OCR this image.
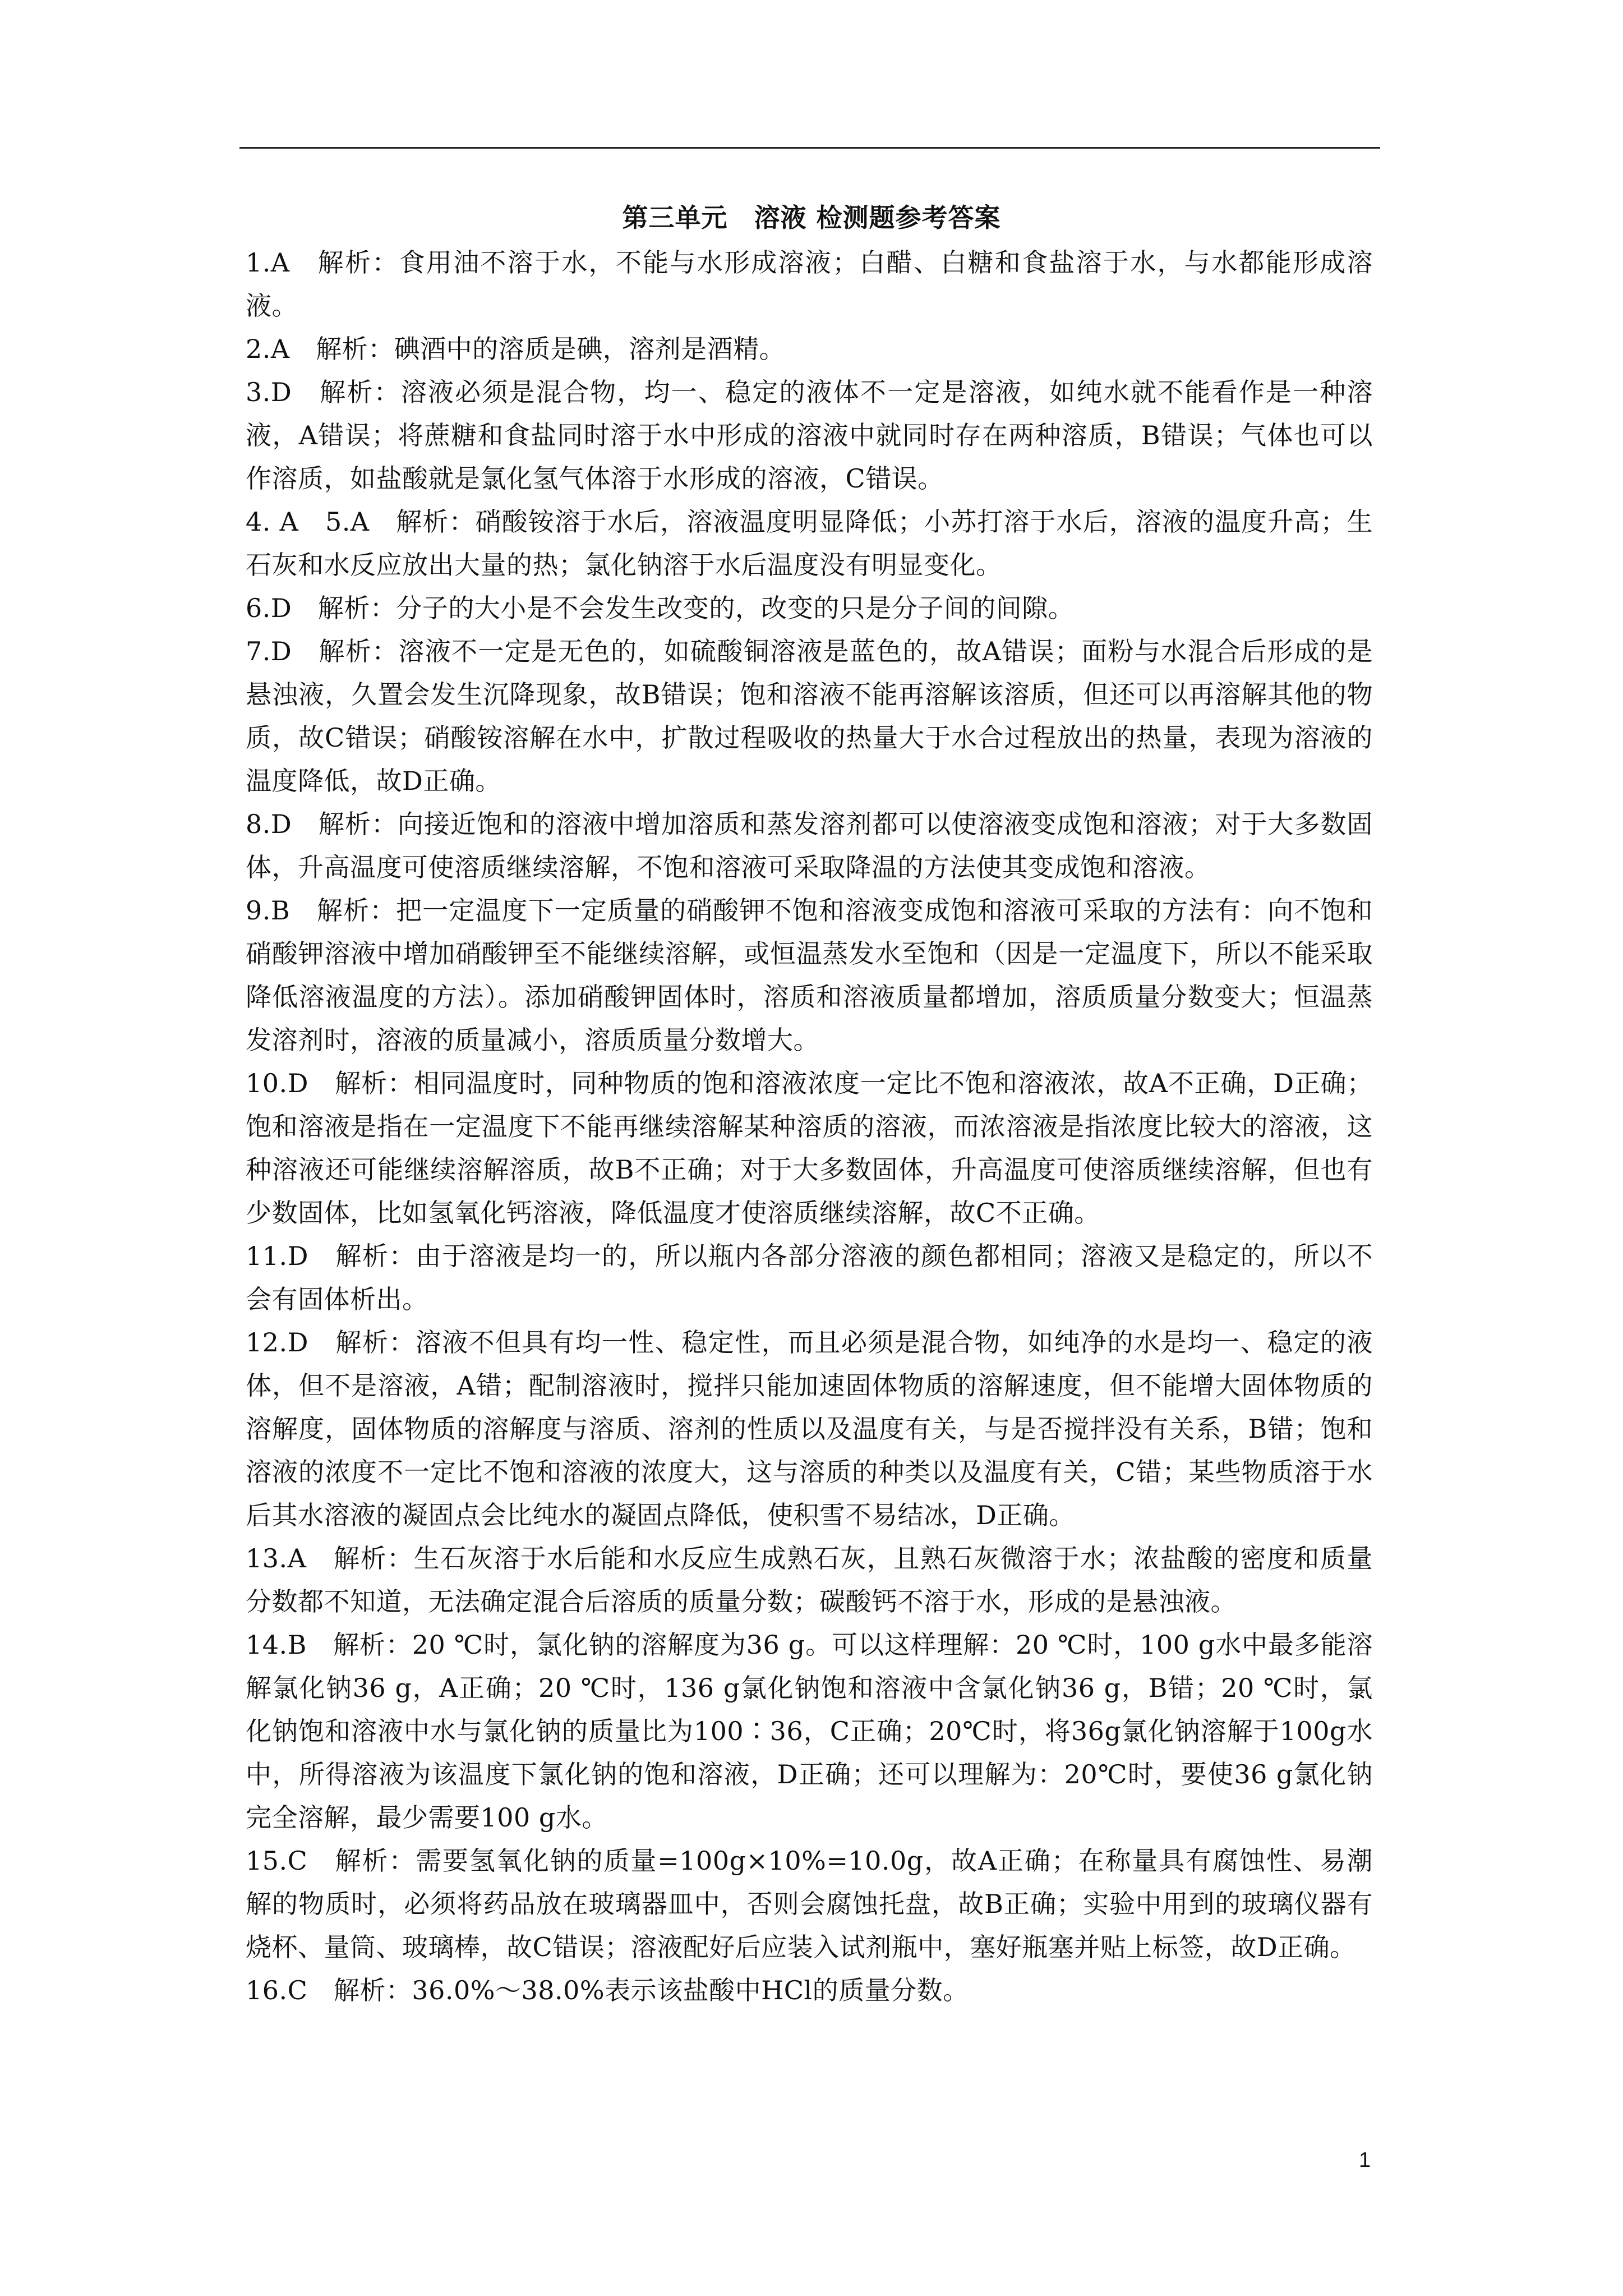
第三单元　溶液 检测题参考答案

1.A　解析：食用油不溶于水，不能与水形成溶液；白醋、白糖和食盐溶于水，与水都能形成溶液。

2.A　解析：碘酒中的溶质是碘，溶剂是酒精。

3.D　解析：溶液必须是混合物，均一、稳定的液体不一定是溶液，如纯水就不能看作是一种溶液，A错误；将蔗糖和食盐同时溶于水中形成的溶液中就同时存在两种溶质，B错误；气体也可以作溶质，如盐酸就是氯化氢气体溶于水形成的溶液，C错误。

4. A　5.A　解析：硝酸铵溶于水后，溶液温度明显降低；小苏打溶于水后，溶液的温度升高；生石灰和水反应放出大量的热；氯化钠溶于水后温度没有明显变化。

6.D　解析：分子的大小是不会发生改变的，改变的只是分子间的间隙。

7.D　解析：溶液不一定是无色的，如硫酸铜溶液是蓝色的，故A错误；面粉与水混合后形成的是悬浊液，久置会发生沉降现象，故B错误；饱和溶液不能再溶解该溶质，但还可以再溶解其他的物质，故C错误；硝酸铵溶解在水中，扩散过程吸收的热量大于水合过程放出的热量，表现为溶液的温度降低，故D正确。

8.D　解析：向接近饱和的溶液中增加溶质和蒸发溶剂都可以使溶液变成饱和溶液；对于大多数固体，升高温度可使溶质继续溶解，不饱和溶液可采取降温的方法使其变成饱和溶液。

9.B　解析：把一定温度下一定质量的硝酸钾不饱和溶液变成饱和溶液可采取的方法有：向不饱和硝酸钾溶液中增加硝酸钾至不能继续溶解，或恒温蒸发水至饱和（因是一定温度下，所以不能采取降低溶液温度的方法）。添加硝酸钾固体时，溶质和溶液质量都增加，溶质质量分数变大；恒温蒸发溶剂时，溶液的质量减小，溶质质量分数增大。

10.D　解析：相同温度时，同种物质的饱和溶液浓度一定比不饱和溶液浓，故A不正确，D正确；饱和溶液是指在一定温度下不能再继续溶解某种溶质的溶液，而浓溶液是指浓度比较大的溶液，这种溶液还可能继续溶解溶质，故B不正确；对于大多数固体，升高温度可使溶质继续溶解，但也有少数固体，比如氢氧化钙溶液，降低温度才使溶质继续溶解，故C不正确。

11.D　解析：由于溶液是均一的，所以瓶内各部分溶液的颜色都相同；溶液又是稳定的，所以不会有固体析出。

12.D　解析：溶液不但具有均一性、稳定性，而且必须是混合物，如纯净的水是均一、稳定的液体，但不是溶液，A错；配制溶液时，搅拌只能加速固体物质的溶解速度，但不能增大固体物质的溶解度，固体物质的溶解度与溶质、溶剂的性质以及温度有关，与是否搅拌没有关系，B错；饱和溶液的浓度不一定比不饱和溶液的浓度大，这与溶质的种类以及温度有关，C错；某些物质溶于水后其水溶液的凝固点会比纯水的凝固点降低，使积雪不易结冰，D正确。

13.A　解析：生石灰溶于水后能和水反应生成熟石灰，且熟石灰微溶于水；浓盐酸的密度和质量分数都不知道，无法确定混合后溶质的质量分数；碳酸钙不溶于水，形成的是悬浊液。

14.B　解析：20 ℃时，氯化钠的溶解度为36 g。可以这样理解：20 ℃时，100 g水中最多能溶解氯化钠36 g，A正确；20 ℃时，136 g氯化钠饱和溶液中含氯化钠36 g，B错；20 ℃时，氯化钠饱和溶液中水与氯化钠的质量比为100∶36，C正确；20℃时，将36g氯化钠溶解于100g水中，所得溶液为该温度下氯化钠的饱和溶液，D正确；还可以理解为：20℃时，要使36 g氯化钠完全溶解，最少需要100 g水。

15.C　解析：需要氢氧化钠的质量=100g×10%=10.0g，故A正确；在称量具有腐蚀性、易潮解的物质时，必须将药品放在玻璃器皿中，否则会腐蚀托盘，故B正确；实验中用到的玻璃仪器有烧杯、量筒、玻璃棒，故C错误；溶液配好后应装入试剂瓶中，塞好瓶塞并贴上标签，故D正确。

16.C　解析：36.0%～38.0%表示该盐酸中HCl的质量分数。

1
